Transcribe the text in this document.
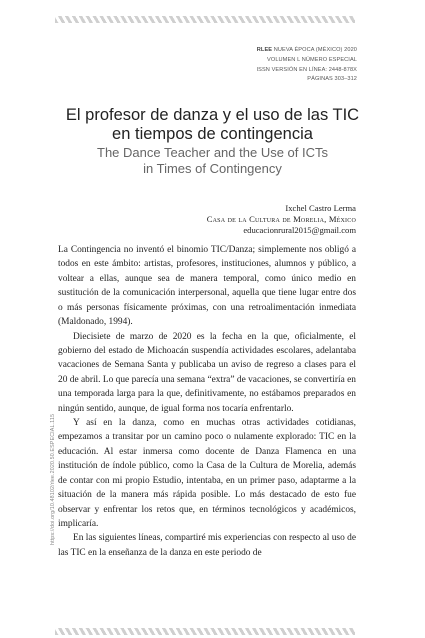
RLEE NUEVA ÉPOCA (MÉXICO) 2020
VOLUMEN L NÚMERO ESPECIAL
ISSN VERSIÓN EN LÍNEA: 2448-878X
PÁGINAS 303–312
El profesor de danza y el uso de las TIC
en tiempos de contingencia
The Dance Teacher and the Use of ICTs
in Times of Contingency
Ixchel Castro Lerma
Casa de la Cultura de Morelia, México
educacionrural2015@gmail.com

La Contingencia no inventó el binomio TIC/Danza; simplemente nos obligó a todos en este ámbito: artistas, profesores, instituciones, alumnos y público, a voltear a ellas, aunque sea de manera temporal, como único medio en sustitución de la comunicación interpersonal, aquella que tiene lugar entre dos o más personas físicamente próximas, con una retroalimentación inmediata (Maldonado, 1994).

Diecisiete de marzo de 2020 es la fecha en la que, oficialmente, el gobierno del estado de Michoacán suspendía actividades escolares, adelantaba vacaciones de Semana Santa y publicaba un aviso de regreso a clases para el 20 de abril. Lo que parecía una semana “extra” de vacaciones, se convertiría en una temporada larga para la que, definitivamente, no estábamos preparados en ningún sentido, aunque, de igual forma nos tocaría enfrentarlo.

Y así en la danza, como en muchas otras actividades cotidianas, empezamos a transitar por un camino poco o nulamente explorado: TIC en la educación. Al estar inmersa como docente de Danza Flamenca en una institución de índole público, como la Casa de la Cultura de Morelia, además de contar con mi propio Estudio, intentaba, en un primer paso, adaptarme a la situación de la manera más rápida posible. Lo más destacado de esto fue observar y enfrentar los retos que, en términos tecnológicos y académicos, implicaría.

En las siguientes líneas, compartiré mis experiencias con respecto al uso de las TIC en la enseñanza de la danza en este periodo de

https://doi.org/10.48102/rlee.2020.50.ESPECIAL.115
